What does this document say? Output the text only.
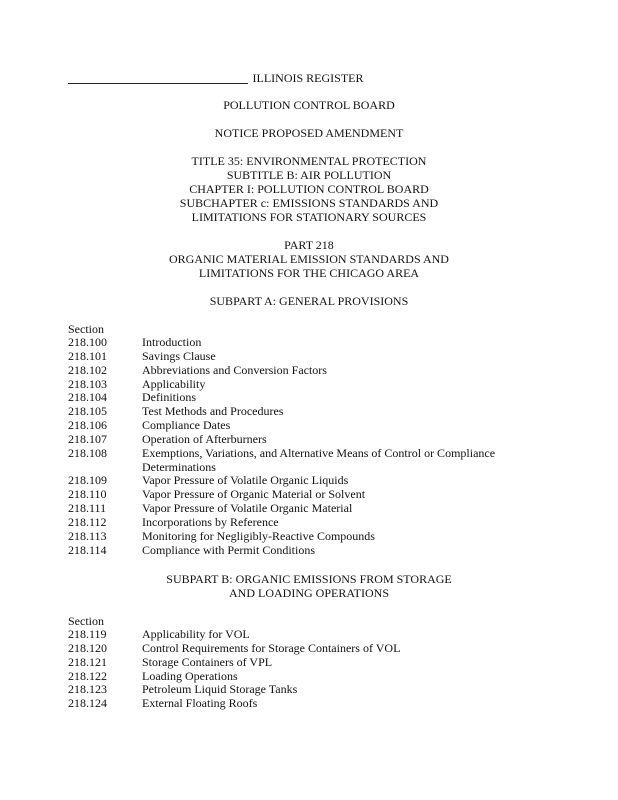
ILLINOIS REGISTER
POLLUTION CONTROL BOARD
NOTICE PROPOSED AMENDMENT
TITLE 35: ENVIRONMENTAL PROTECTION
SUBTITLE B: AIR POLLUTION
CHAPTER I: POLLUTION CONTROL BOARD
SUBCHAPTER c: EMISSIONS STANDARDS AND
LIMITATIONS FOR STATIONARY SOURCES
PART 218
ORGANIC MATERIAL EMISSION STANDARDS AND
LIMITATIONS FOR THE CHICAGO AREA
SUBPART A: GENERAL PROVISIONS
Section
218.100	Introduction
218.101	Savings Clause
218.102	Abbreviations and Conversion Factors
218.103	Applicability
218.104	Definitions
218.105	Test Methods and Procedures
218.106	Compliance Dates
218.107	Operation of Afterburners
218.108	Exemptions, Variations, and Alternative Means of Control or Compliance Determinations
218.109	Vapor Pressure of Volatile Organic Liquids
218.110	Vapor Pressure of Organic Material or Solvent
218.111	Vapor Pressure of Volatile Organic Material
218.112	Incorporations by Reference
218.113	Monitoring for Negligibly-Reactive Compounds
218.114	Compliance with Permit Conditions
SUBPART B: ORGANIC EMISSIONS FROM STORAGE
AND LOADING OPERATIONS
Section
218.119	Applicability for VOL
218.120	Control Requirements for Storage Containers of VOL
218.121	Storage Containers of VPL
218.122	Loading Operations
218.123	Petroleum Liquid Storage Tanks
218.124	External Floating Roofs
